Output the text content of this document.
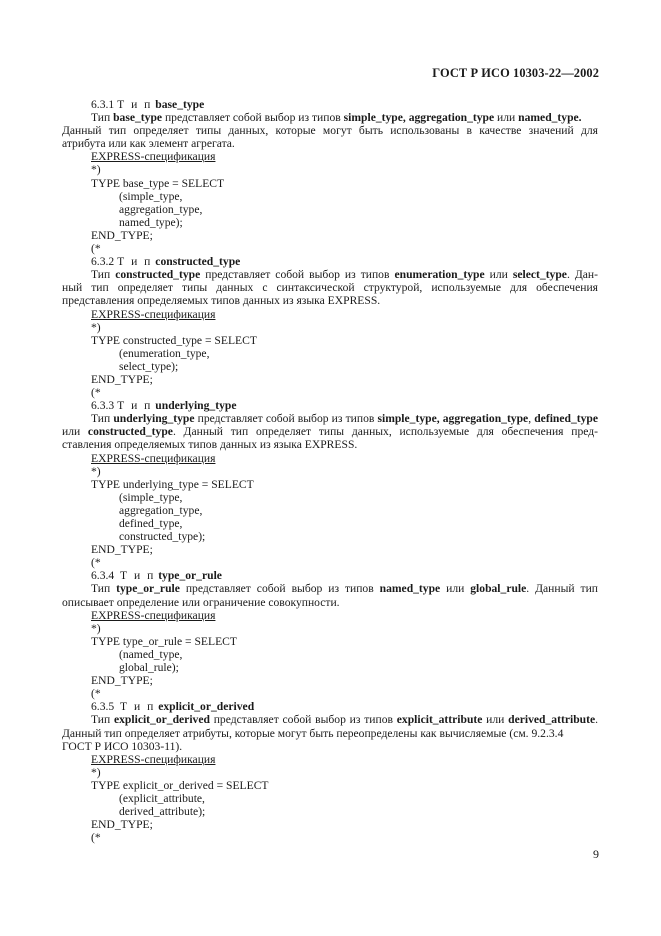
ГОСТ Р ИСО 10303-22—2002
6.3.1 Т и п base_type
Тип base_type представляет собой выбор из типов simple_type, aggregation_type или named_type.
Данный тип определяет типы данных, которые могут быть использованы в качестве значений для
атрибута или как элемент агрегата.
EXPRESS-спецификация
*)
TYPE base_type = SELECT
(simple_type,
aggregation_type,
named_type);
END_TYPE;
(*
6.3.2 Т и п constructed_type
Тип constructed_type представляет собой выбор из типов enumeration_type или select_type. Дан-
ный тип определяет типы данных с синтаксической структурой, используемые для обеспечения
представления определяемых типов данных из языка EXPRESS.
EXPRESS-спецификация
*)
TYPE constructed_type = SELECT
(enumeration_type,
select_type);
END_TYPE;
(*
6.3.3 Т и п underlying_type
Тип underlying_type представляет собой выбор из типов simple_type, aggregation_type, defined_type
или constructed_type. Данный тип определяет типы данных, используемые для обеспечения пред-
ставления определяемых типов данных из языка EXPRESS.
EXPRESS-спецификация
*)
TYPE underlying_type = SELECT
(simple_type,
aggregation_type,
defined_type,
constructed_type);
END_TYPE;
(*
6.3.4 Т и п type_or_rule
Тип type_or_rule представляет собой выбор из типов named_type или global_rule. Данный тип
описывает определение или ограничение совокупности.
EXPRESS-спецификация
*)
TYPE type_or_rule = SELECT
(named_type,
global_rule);
END_TYPE;
(*
6.3.5 Т и п explicit_or_derived
Тип explicit_or_derived представляет собой выбор из типов explicit_attribute или derived_attribute.
Данный тип определяет атрибуты, которые могут быть переопределены как вычисляемые (см. 9.2.3.4
ГОСТ Р ИСО 10303-11).
EXPRESS-спецификация
*)
TYPE explicit_or_derived = SELECT
(explicit_attribute,
derived_attribute);
END_TYPE;
(*
9
